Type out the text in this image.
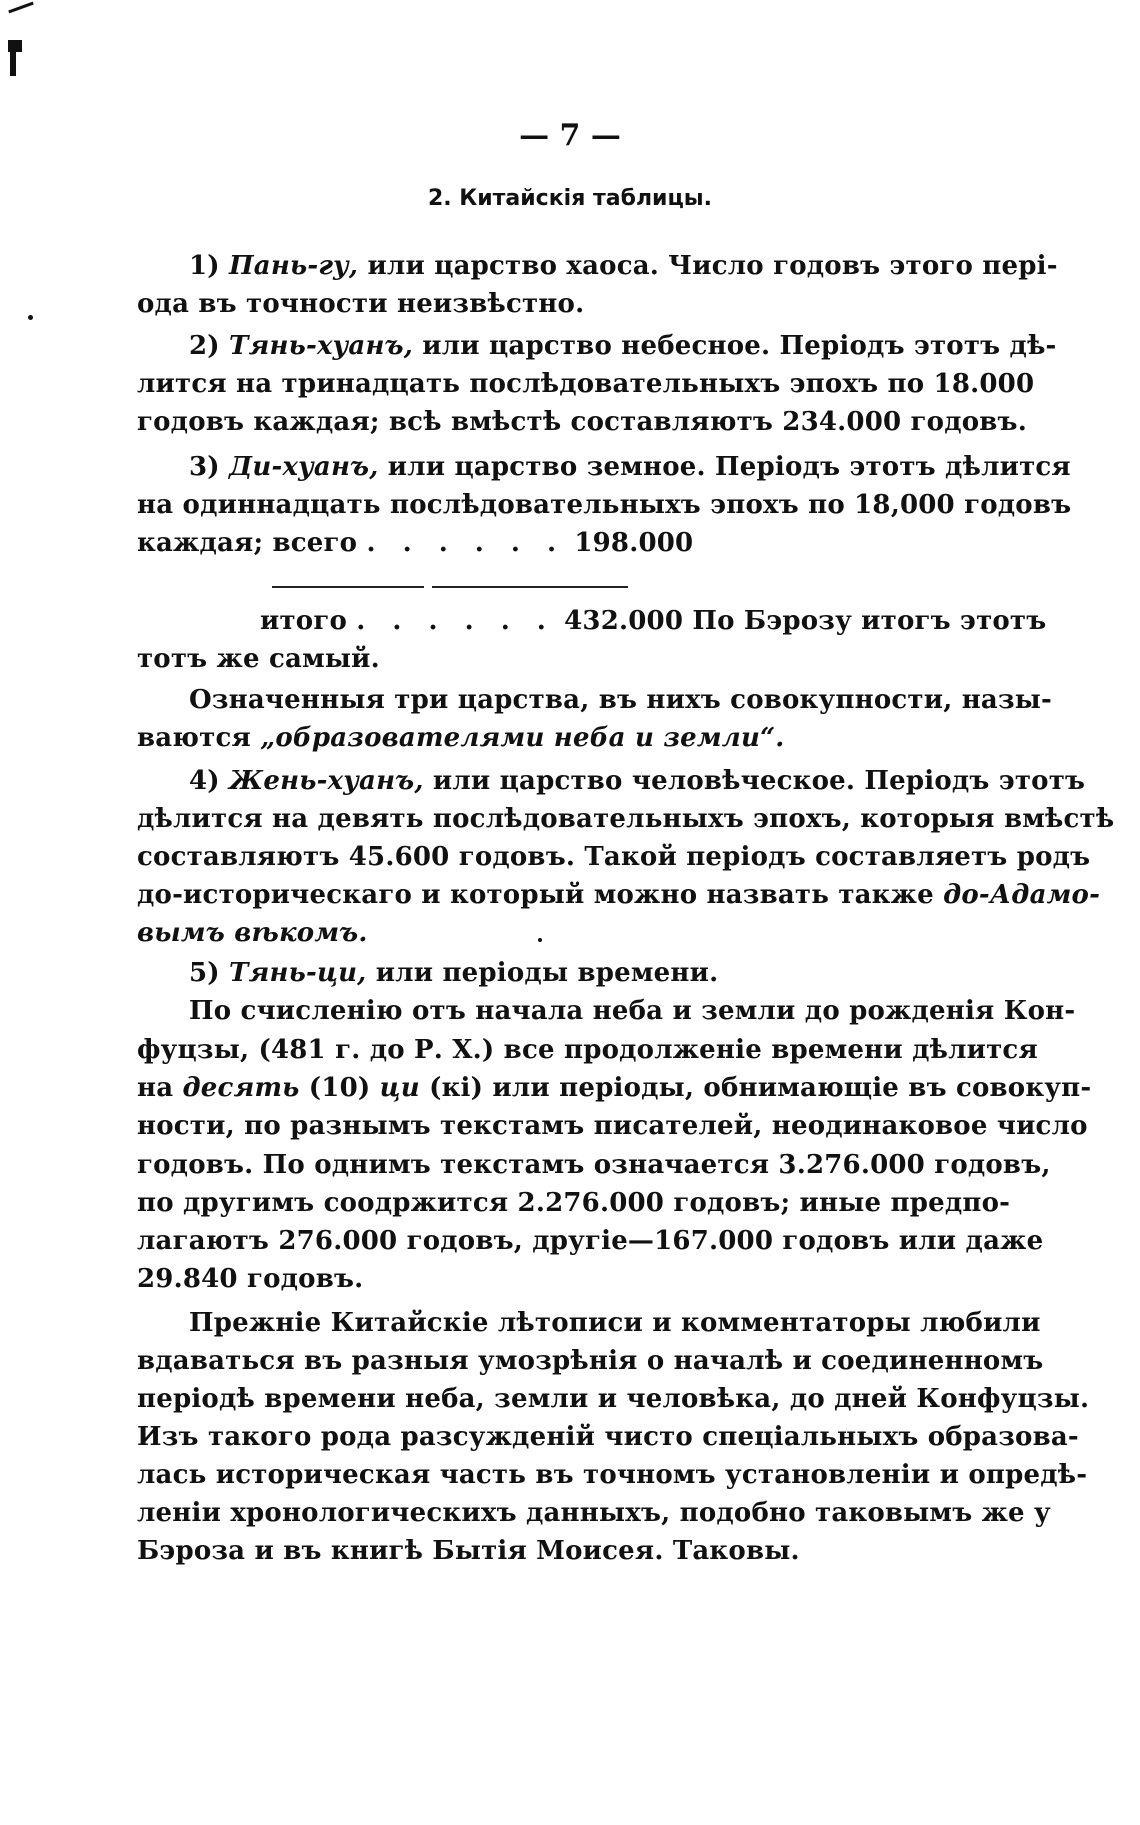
— 7 —
2. Китайскія таблицы.
1) Пань-гу, или царство хаоса. Число годовъ этого пері-
ода въ точности неизвѣстно.
2) Тянь-хуанъ, или царство небесное. Періодъ этотъ дѣ-
лится на тринадцать послѣдовательныхъ эпохъ по 18.000
годовъ каждая; всѣ вмѣстѣ составляютъ 234.000 годовъ.
3) Ди-хуанъ, или царство земное. Періодъ этотъ дѣлится
на одиннадцать послѣдовательныхъ эпохъ по 18,000 годовъ
каждая; всего . . . . . . 198.000
итого . . . . . . 432.000 По Бэрозу итогъ этотъ
тотъ же самый.
Означенныя три царства, въ нихъ совокупности, назы-
ваются „образователями неба и земли“.
4) Жень-хуанъ, или царство человѣческое. Періодъ этотъ
дѣлится на девять послѣдовательныхъ эпохъ, которыя вмѣстѣ
составляютъ 45.600 годовъ. Такой періодъ составляетъ родъ
до-историческаго и который можно назвать также до-Адамо-
вымъ вѣкомъ.
5) Тянь-ци, или періоды времени.
По счисленію отъ начала неба и земли до рожденія Кон-
фуцзы, (481 г. до Р. Х.) все продолженіе времени дѣлится
на десять (10) ци (кі) или періоды, обнимающіе въ совокуп-
ности, по разнымъ текстамъ писателей, неодинаковое число
годовъ. По однимъ текстамъ означается 3.276.000 годовъ,
по другимъ соодржится 2.276.000 годовъ; иные предпо-
лагаютъ 276.000 годовъ, другіе—167.000 годовъ или даже
29.840 годовъ.
Прежніе Китайскіе лѣтописи и комментаторы любили
вдаваться въ разныя умозрѣнія о началѣ и соединенномъ
періодѣ времени неба, земли и человѣка, до дней Конфуцзы.
Изъ такого рода разсужденій чисто спеціальныхъ образова-
лась историческая часть въ точномъ установленіи и опредѣ-
леніи хронологическихъ данныхъ, подобно таковымъ же у
Бэроза и въ книгѣ Бытія Моисея. Таковы.
